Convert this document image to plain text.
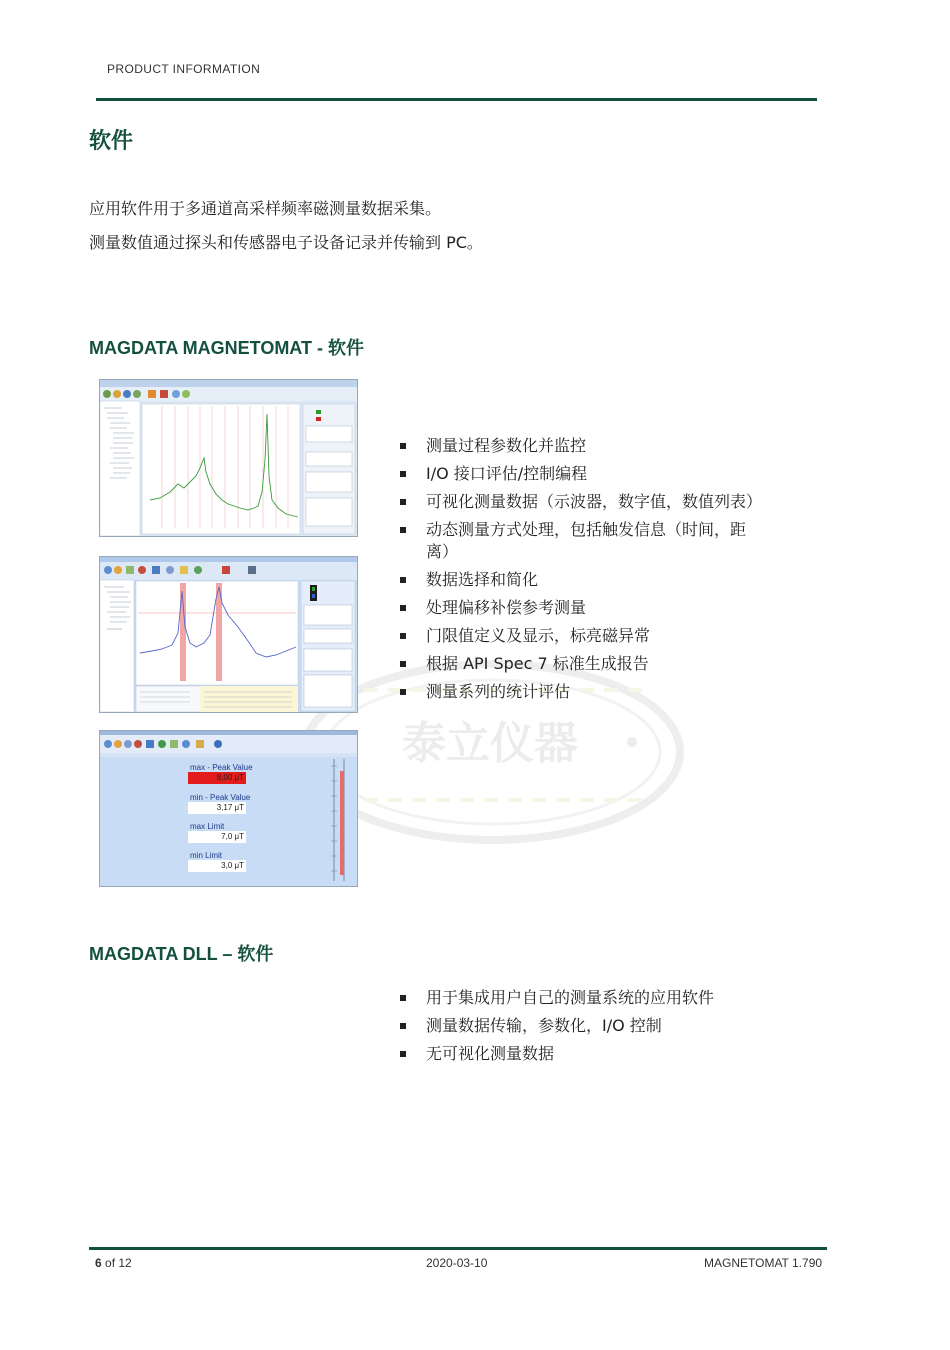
PRODUCT INFORMATION
软件
应用软件用于多通道高采样频率磁测量数据采集。
测量数值通过探头和传感器电子设备记录并传输到 PC。
MAGDATA MAGNETOMAT - 软件
泰立仪器
max - Peak Value
8,00 μT
min - Peak Value
3,17 μT
max Limit
7,0 μT
min Limit
3,0 μT
测量过程参数化并监控
I/O 接口评估/控制编程
可视化测量数据（示波器，数字值，数值列表）
动态测量方式处理，包括触发信息（时间，距离）
数据选择和简化
处理偏移补偿参考测量
门限值定义及显示，标亮磁异常
根据 API Spec 7 标准生成报告
测量系列的统计评估
MAGDATA DLL – 软件
用于集成用户自己的测量系统的应用软件
测量数据传输，参数化，I/O 控制
无可视化测量数据
6 of 12	2020-03-10	MAGNETOMAT 1.790
